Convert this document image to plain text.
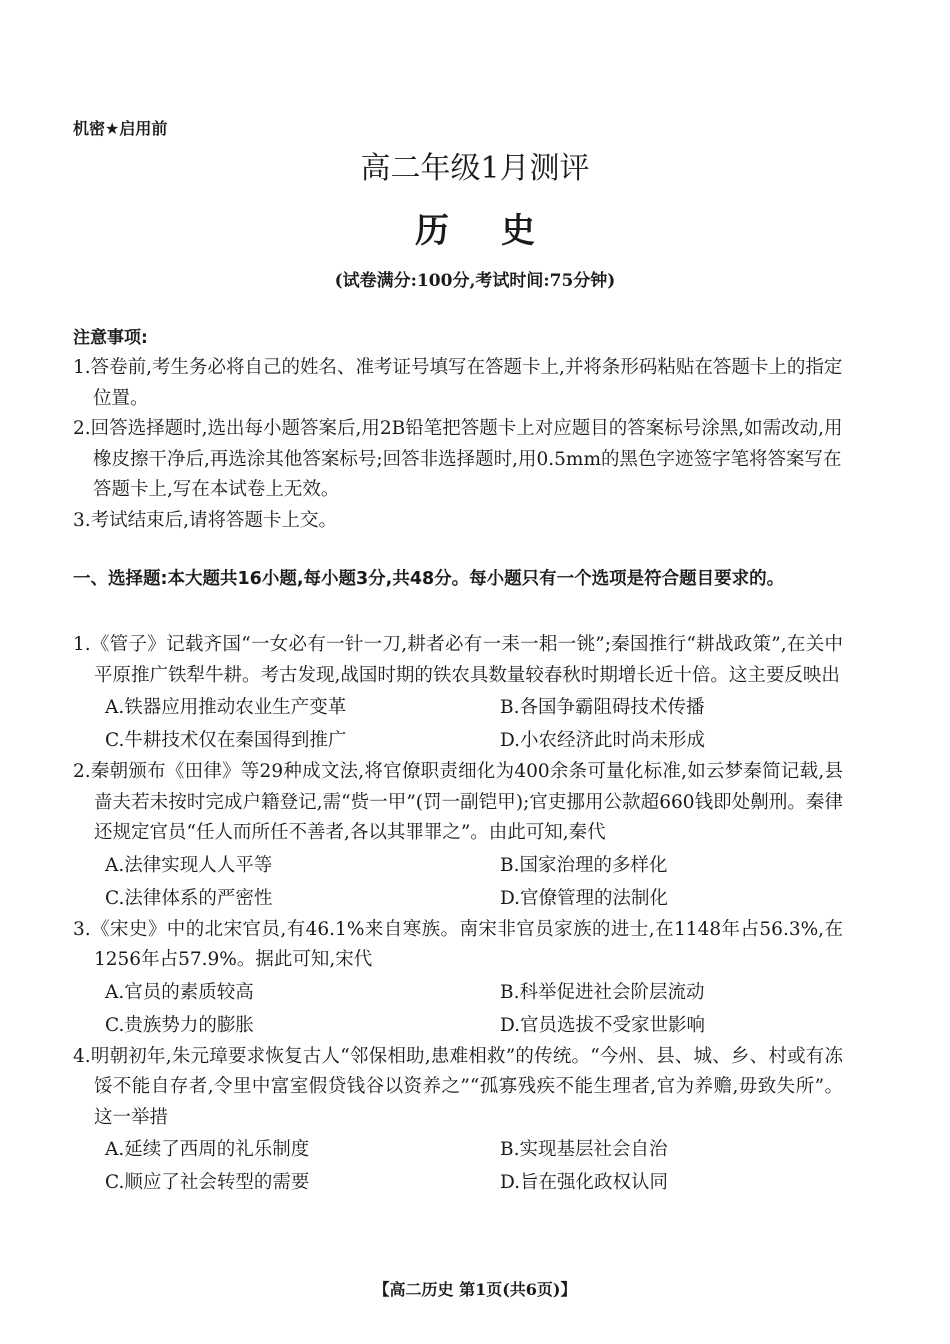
机密★启用前
高二年级1月测评
历史
(试卷满分:100分,考试时间:75分钟)
注意事项:
1.答卷前,考生务必将自己的姓名、准考证号填写在答题卡上,并将条形码粘贴在答题卡上的指定位置。
2.回答选择题时,选出每小题答案后,用2B铅笔把答题卡上对应题目的答案标号涂黑,如需改动,用橡皮擦干净后,再选涂其他答案标号;回答非选择题时,用0.5mm的黑色字迹签字笔将答案写在答题卡上,写在本试卷上无效。
3.考试结束后,请将答题卡上交。
一、选择题:本大题共16小题,每小题3分,共48分。每小题只有一个选项是符合题目要求的。
1.《管子》记载齐国“一女必有一针一刀,耕者必有一耒一耜一铫”;秦国推行“耕战政策”,在关中平原推广铁犁牛耕。考古发现,战国时期的铁农具数量较春秋时期增长近十倍。这主要反映出
A.铁器应用推动农业生产变革	B.各国争霸阻碍技术传播
C.牛耕技术仅在秦国得到推广	D.小农经济此时尚未形成
2.秦朝颁布《田律》等29种成文法,将官僚职责细化为400余条可量化标准,如云梦秦简记载,县啬夫若未按时完成户籍登记,需“赀一甲”(罚一副铠甲);官吏挪用公款超660钱即处劓刑。秦律还规定官员“任人而所任不善者,各以其罪罪之”。由此可知,秦代
A.法律实现人人平等	B.国家治理的多样化
C.法律体系的严密性	D.官僚管理的法制化
3.《宋史》中的北宋官员,有46.1%来自寒族。南宋非官员家族的进士,在1148年占56.3%,在1256年占57.9%。据此可知,宋代
A.官员的素质较高	B.科举促进社会阶层流动
C.贵族势力的膨胀	D.官员选拔不受家世影响
4.明朝初年,朱元璋要求恢复古人“邻保相助,患难相救”的传统。“今州、县、城、乡、村或有冻馁不能自存者,令里中富室假贷钱谷以资养之”“孤寡残疾不能生理者,官为养赡,毋致失所”。这一举措
A.延续了西周的礼乐制度	B.实现基层社会自治
C.顺应了社会转型的需要	D.旨在强化政权认同
【高二历史 第1页(共6页)】
